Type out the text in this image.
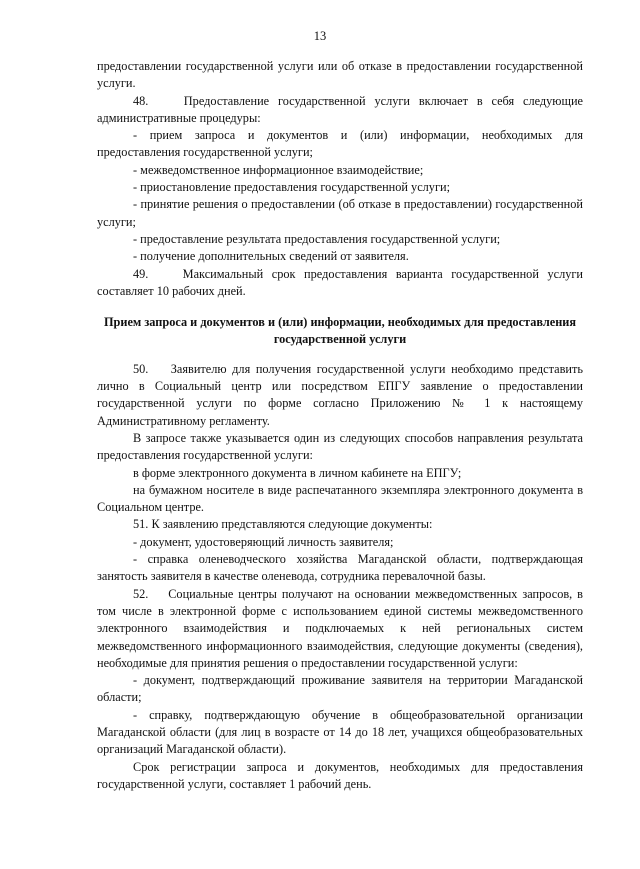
13

предоставлении государственной услуги или об отказе в предоставлении государственной услуги.

48.    Предоставление государственной услуги включает в себя следующие административные процедуры:

- прием запроса и документов и (или) информации, необходимых для предоставления государственной услуги;

- межведомственное информационное взаимодействие;

- приостановление предоставления государственной услуги;

- принятие решения о предоставлении (об отказе в предоставлении) государственной услуги;

- предоставление результата предоставления государственной услуги;

- получение дополнительных сведений от заявителя.

49.    Максимальный срок предоставления варианта государственной услуги составляет 10 рабочих дней.

Прием запроса и документов и (или) информации, необходимых для предоставления государственной услуги

50.    Заявителю для получения государственной услуги необходимо представить лично в Социальный центр или посредством ЕПГУ заявление о предоставлении государственной услуги по форме согласно Приложению № 1 к настоящему Административному регламенту.

В запросе также указывается один из следующих способов направления результата предоставления государственной услуги:

в форме электронного документа в личном кабинете на ЕПГУ;

на бумажном носителе в виде распечатанного экземпляра электронного документа в Социальном центре.

51. К заявлению представляются следующие документы:

- документ, удостоверяющий личность заявителя;

- справка оленеводческого хозяйства Магаданской области, подтверждающая занятость заявителя в качестве оленевода, сотрудника перевалочной базы.

52.    Социальные центры получают на основании межведомственных запросов, в том числе в электронной форме с использованием единой системы межведомственного электронного взаимодействия и подключаемых к ней региональных систем межведомственного информационного взаимодействия, следующие документы (сведения), необходимые для принятия решения о предоставлении государственной услуги:

- документ, подтверждающий проживание заявителя на территории Магаданской области;

- справку, подтверждающую обучение в общеобразовательной организации Магаданской области (для лиц в возрасте от 14 до 18 лет, учащихся общеобразовательных организаций Магаданской области).

Срок регистрации запроса и документов, необходимых для предоставления государственной услуги, составляет 1 рабочий день.
